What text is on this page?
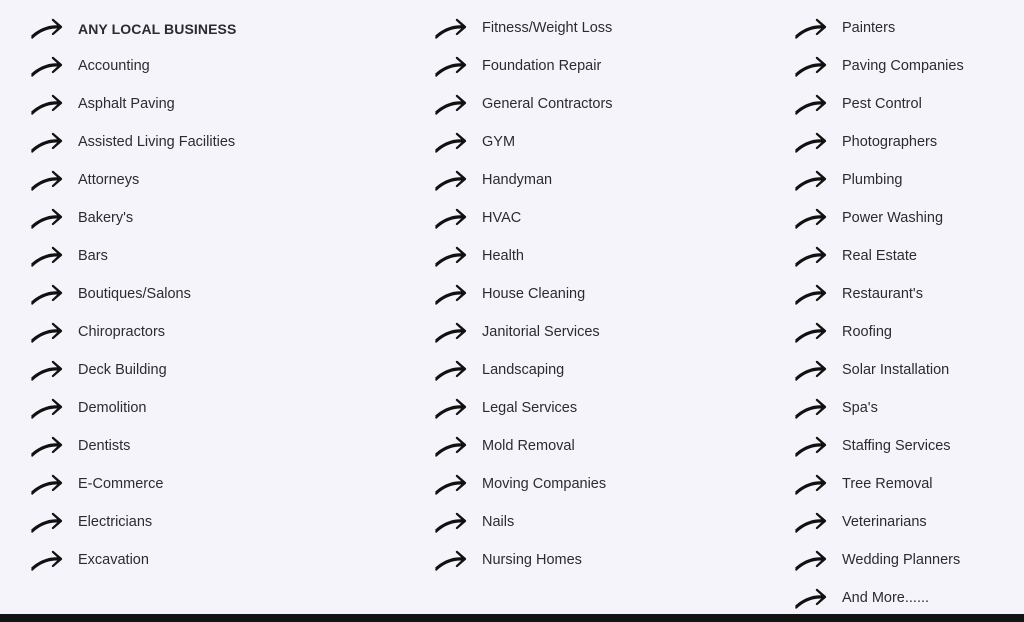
ANY LOCAL BUSINESS
Accounting
Asphalt Paving
Assisted Living Facilities
Attorneys
Bakery's
Bars
Boutiques/Salons
Chiropractors
Deck Building
Demolition
Dentists
E-Commerce
Electricians
Excavation
Fitness/Weight Loss
Foundation Repair
General Contractors
GYM
Handyman
HVAC
Health
House Cleaning
Janitorial Services
Landscaping
Legal Services
Mold Removal
Moving Companies
Nails
Nursing Homes
Painters
Paving Companies
Pest Control
Photographers
Plumbing
Power Washing
Real Estate
Restaurant's
Roofing
Solar Installation
Spa's
Staffing Services
Tree Removal
Veterinarians
Wedding Planners
And More......
